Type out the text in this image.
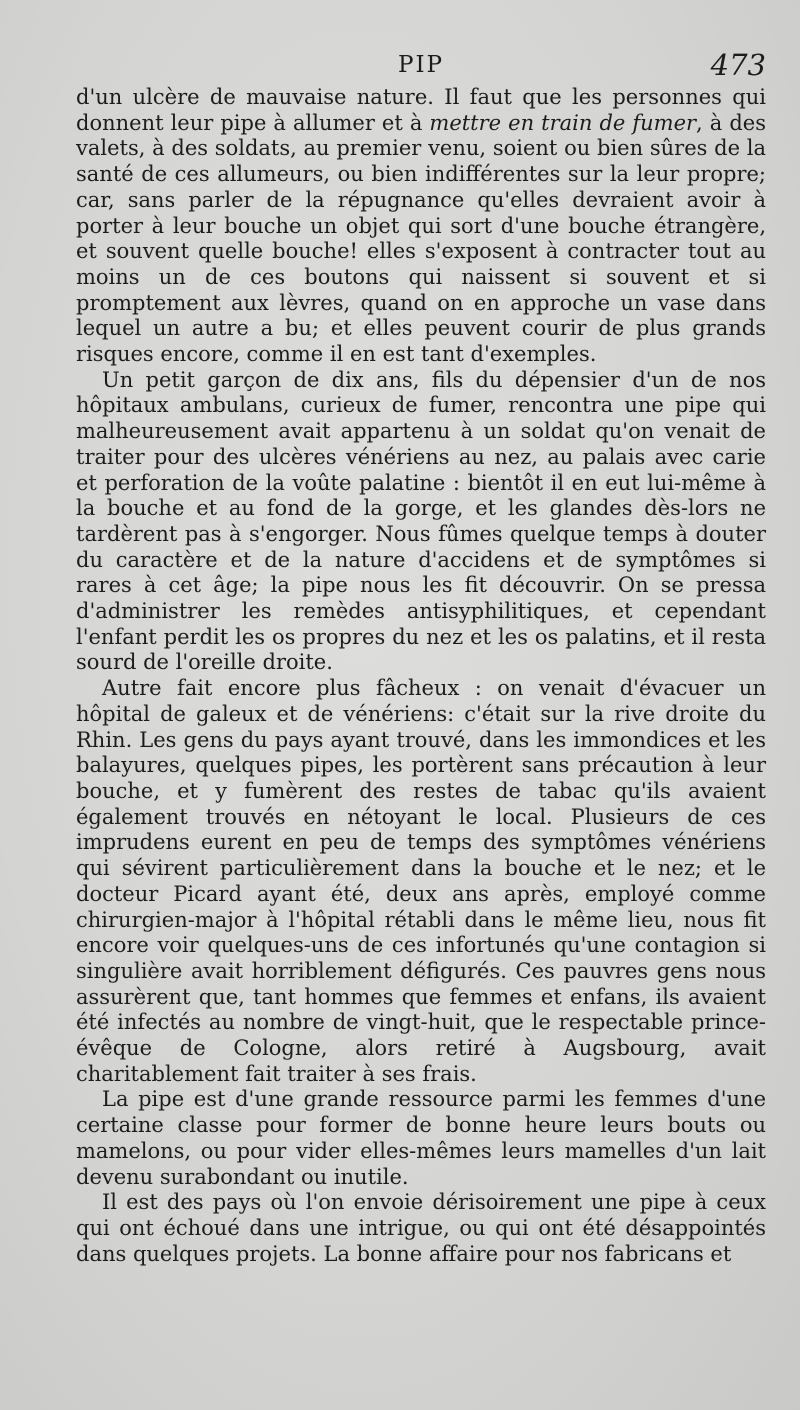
PIP	473

d'un ulcère de mauvaise nature. Il faut que les personnes qui donnent leur pipe à allumer et à mettre en train de fumer, à des valets, à des soldats, au premier venu, soient ou bien sûres de la santé de ces allumeurs, ou bien indifférentes sur la leur propre; car, sans parler de la répugnance qu'elles devraient avoir à porter à leur bouche un objet qui sort d'une bouche étrangère, et souvent quelle bouche! elles s'exposent à contracter tout au moins un de ces boutons qui naissent si souvent et si promptement aux lèvres, quand on en approche un vase dans lequel un autre a bu; et elles peuvent courir de plus grands risques encore, comme il en est tant d'exemples.

Un petit garçon de dix ans, fils du dépensier d'un de nos hôpitaux ambulans, curieux de fumer, rencontra une pipe qui malheureusement avait appartenu à un soldat qu'on venait de traiter pour des ulcères vénériens au nez, au palais avec carie et perforation de la voûte palatine : bientôt il en eut lui-même à la bouche et au fond de la gorge, et les glandes dès-lors ne tardèrent pas à s'engorger. Nous fûmes quelque temps à douter du caractère et de la nature d'accidens et de symptômes si rares à cet âge; la pipe nous les fit découvrir. On se pressa d'administrer les remèdes antisyphilitiques, et cependant l'enfant perdit les os propres du nez et les os palatins, et il resta sourd de l'oreille droite.

Autre fait encore plus fâcheux : on venait d'évacuer un hôpital de galeux et de vénériens: c'était sur la rive droite du Rhin. Les gens du pays ayant trouvé, dans les immondices et les balayures, quelques pipes, les portèrent sans précaution à leur bouche, et y fumèrent des restes de tabac qu'ils avaient également trouvés en nétoyant le local. Plusieurs de ces imprudens eurent en peu de temps des symptômes vénériens qui sévirent particulièrement dans la bouche et le nez; et le docteur Picard ayant été, deux ans après, employé comme chirurgien-major à l'hôpital rétabli dans le même lieu, nous fit encore voir quelques-uns de ces infortunés qu'une contagion si singulière avait horriblement défigurés. Ces pauvres gens nous assurèrent que, tant hommes que femmes et enfans, ils avaient été infectés au nombre de vingt-huit, que le respectable prince-évêque de Cologne, alors retiré à Augsbourg, avait charitablement fait traiter à ses frais.

La pipe est d'une grande ressource parmi les femmes d'une certaine classe pour former de bonne heure leurs bouts ou mamelons, ou pour vider elles-mêmes leurs mamelles d'un lait devenu surabondant ou inutile.

Il est des pays où l'on envoie dérisoirement une pipe à ceux qui ont échoué dans une intrigue, ou qui ont été désappointés dans quelques projets. La bonne affaire pour nos fabricans et
